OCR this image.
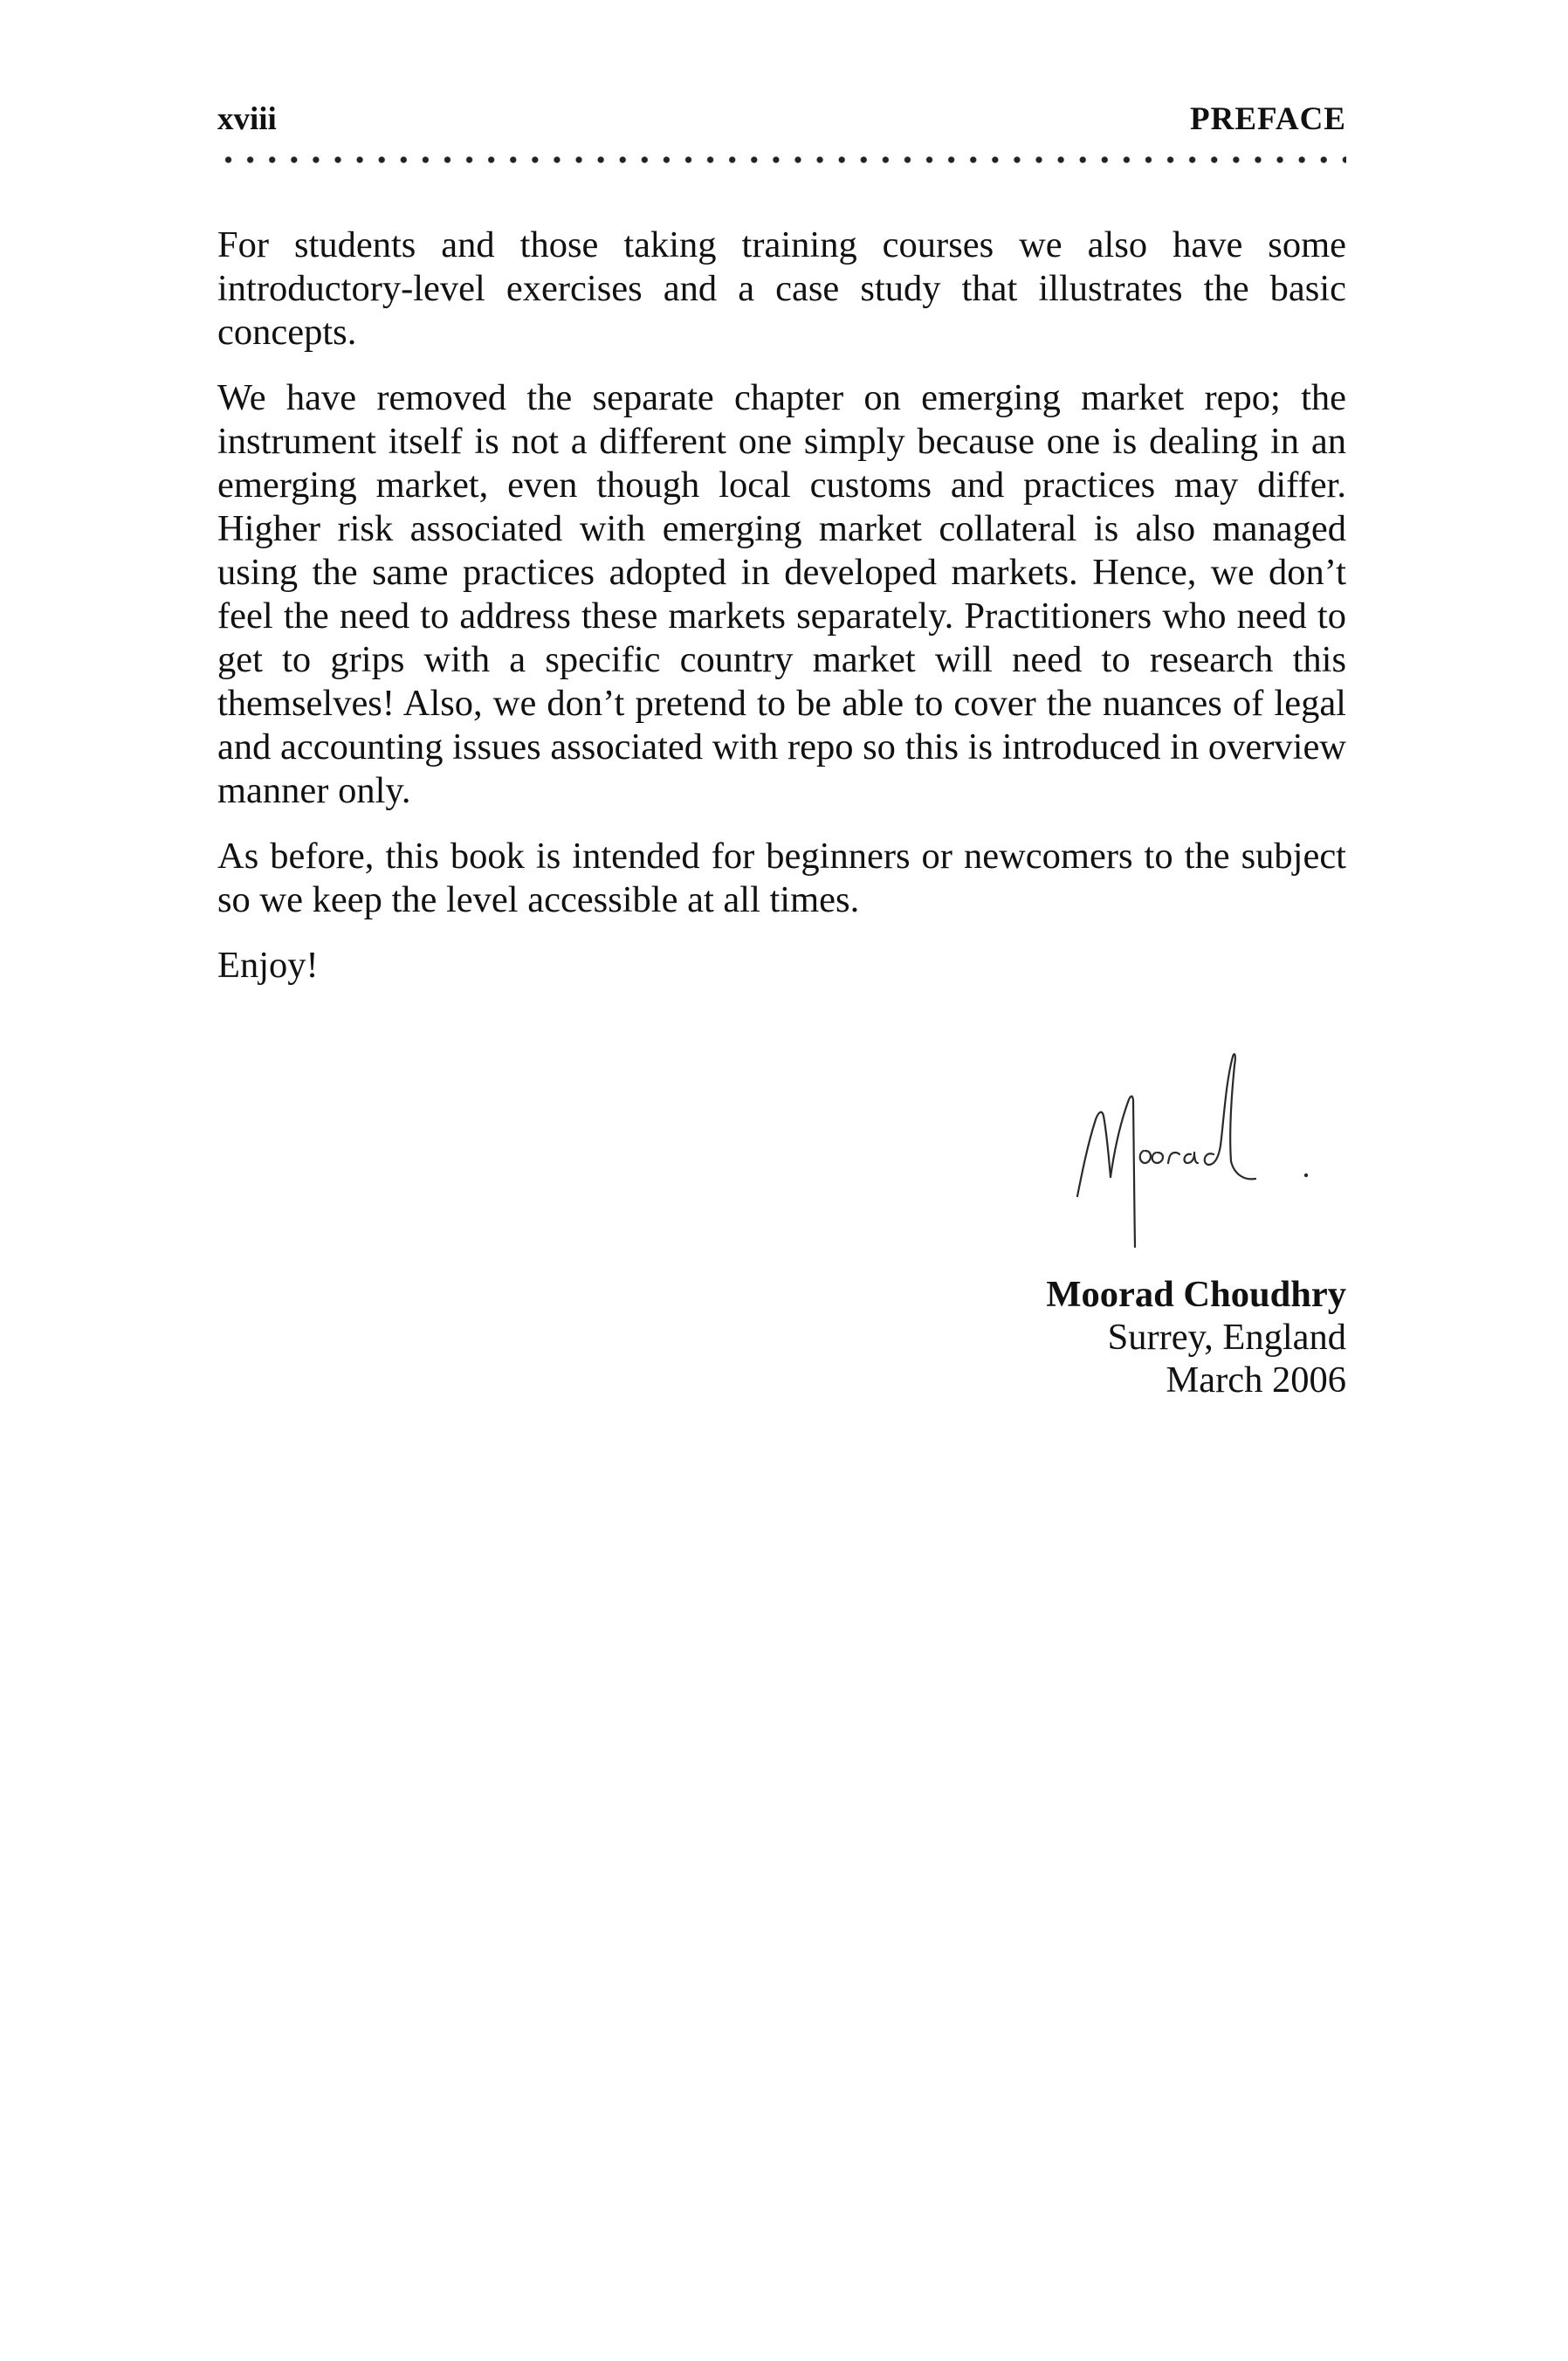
xviii	PREFACE

For students and those taking training courses we also have some introductory-level exercises and a case study that illustrates the basic concepts.

We have removed the separate chapter on emerging market repo; the instrument itself is not a different one simply because one is dealing in an emerging market, even though local customs and practices may differ. Higher risk associated with emerging market collateral is also managed using the same practices adopted in developed markets. Hence, we don’t feel the need to address these markets separately. Practitioners who need to get to grips with a specific country market will need to research this themselves! Also, we don’t pretend to be able to cover the nuances of legal and accounting issues associated with repo so this is introduced in overview manner only.

As before, this book is intended for beginners or newcomers to the subject so we keep the level accessible at all times.

Enjoy!

Moorad Choudhry
Surrey, England
March 2006
